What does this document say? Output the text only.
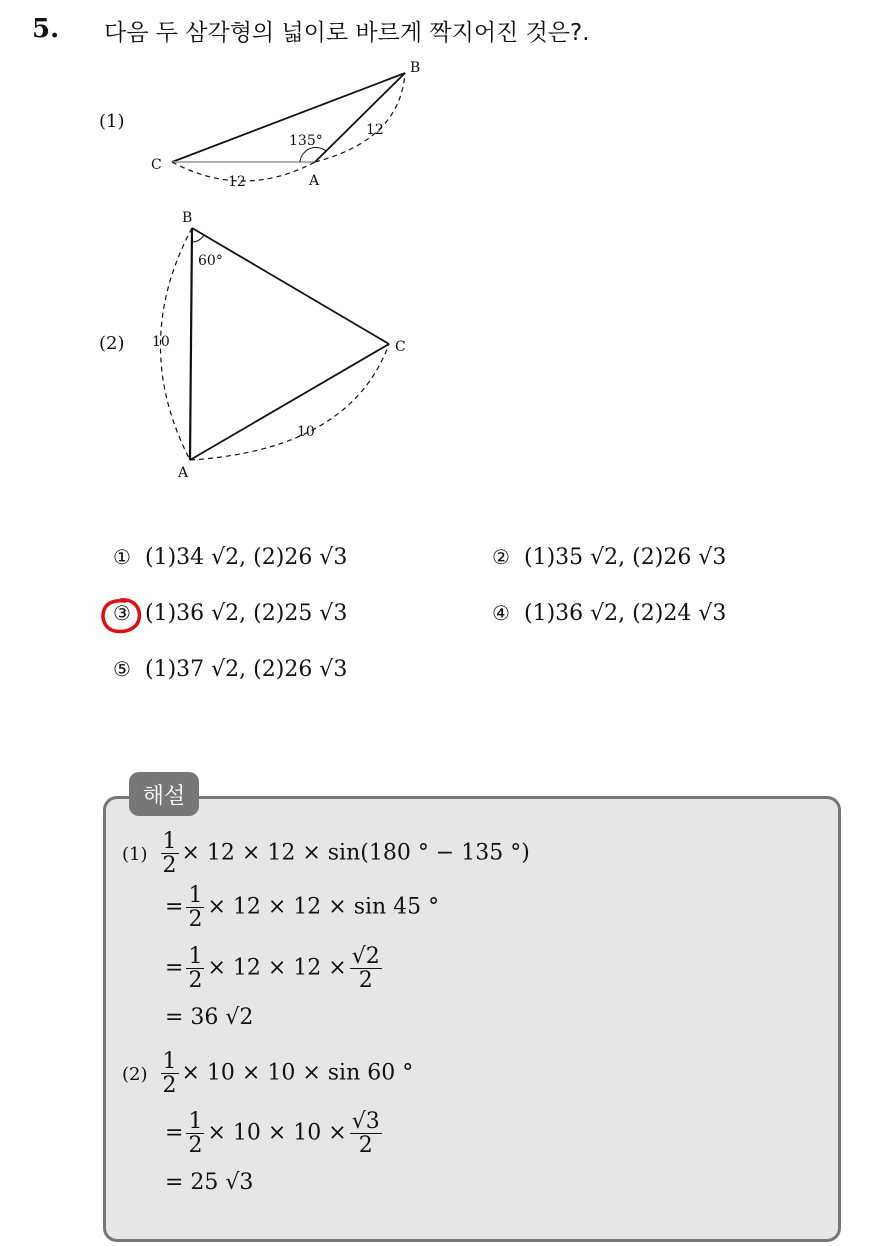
5. 다음 두 삼각형의 넓이로 바르게 짝지어진 것은?.
(1)
B
C
A
135°
12
12
(2)
B
C
A
60°
10
10
① (1)34 √2, (2)26 √3	② (1)35 √2, (2)26 √3
③ (1)36 √2, (2)25 √3	④ (1)36 √2, (2)24 √3
⑤ (1)37 √2, (2)26 √3
해설
$(1) \frac{1}{2} \times 12 \times 12 \times \sin(180$ ° − 135 °)
= $\frac{1}{2} \times 12 \times 12 \times \sin 45$ °
= $\frac{1}{2} \times 12 \times 12 \times \frac{√2}{2}$
= 36 √2
$(2) \frac{1}{2} \times 10 \times 10 \times \sin 60$ °
= $\frac{1}{2} \times 10 \times 10 \times \frac{√3}{2}$
= 25 √3
